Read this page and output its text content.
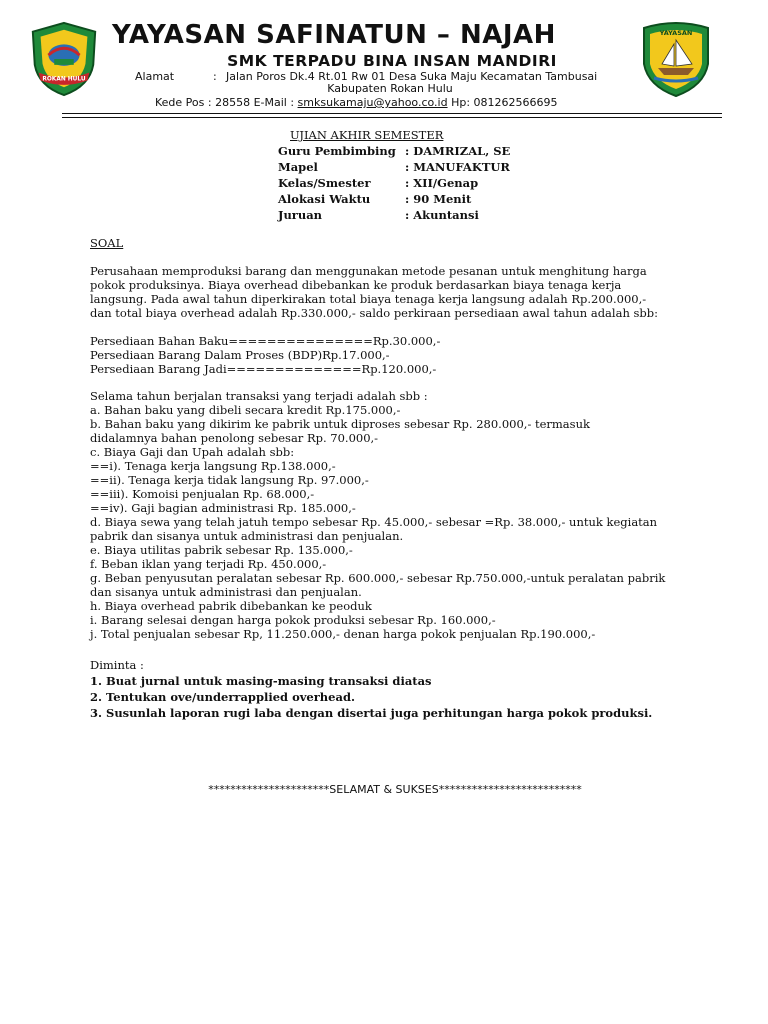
ROKAN HULU
YAYASAN
YAYASAN SAFINATUN – NAJAH
SMK TERPADU BINA INSAN MANDIRI
Alamat	: Jalan Poros Dk.4 Rt.01 Rw 01 Desa Suka Maju Kecamatan Tambusai
Kabupaten Rokan Hulu
Kede Pos : 28558 E-Mail : smksukamaju@yahoo.co.id Hp: 081262566695
UJIAN AKHIR SEMESTER
Guru Pembimbing : DAMRIZAL, SE
Mapel	: MANUFAKTUR
Kelas/Smester	: XII/Genap
Alokasi Waktu	: 90 Menit
Juruan	: Akuntansi
SOAL
Perusahaan memproduksi barang dan menggunakan metode pesanan untuk menghitung harga
pokok produksinya. Biaya overhead dibebankan ke produk berdasarkan biaya tenaga kerja
langsung. Pada awal tahun diperkirakan total biaya tenaga kerja langsung adalah Rp.200.000,-
dan total biaya overhead adalah Rp.330.000,- saldo perkiraan persediaan awal tahun adalah sbb:
Persediaan Bahan Baku===============Rp.30.000,-
Persediaan Barang Dalam Proses (BDP)Rp.17.000,-
Persediaan Barang Jadi==============Rp.120.000,-
Selama tahun berjalan transaksi yang terjadi adalah sbb :
a. Bahan baku yang dibeli secara kredit Rp.175.000,-
b. Bahan baku yang dikirim ke pabrik untuk diproses sebesar Rp. 280.000,- termasuk
didalamnya bahan penolong sebesar Rp. 70.000,-
c. Biaya Gaji dan Upah adalah sbb:
==i). Tenaga kerja langsung Rp.138.000,-
==ii). Tenaga kerja tidak langsung Rp. 97.000,-
==iii). Komoisi penjualan Rp. 68.000,-
==iv). Gaji bagian administrasi Rp. 185.000,-
d. Biaya sewa yang telah jatuh tempo sebesar Rp. 45.000,- sebesar =Rp. 38.000,- untuk kegiatan
pabrik dan sisanya untuk administrasi dan penjualan.
e. Biaya utilitas pabrik sebesar Rp. 135.000,-
f. Beban iklan yang terjadi Rp. 450.000,-
g. Beban penyusutan peralatan sebesar Rp. 600.000,- sebesar Rp.750.000,-untuk peralatan pabrik
dan sisanya untuk administrasi dan penjualan.
h. Biaya overhead pabrik dibebankan ke peoduk
i. Barang selesai dengan harga pokok produksi sebesar Rp. 160.000,-
j. Total penjualan sebesar Rp, 11.250.000,- denan harga pokok penjualan Rp.190.000,-
Diminta :
1. Buat jurnal untuk masing-masing transaksi diatas
2. Tentukan ove/underrapplied overhead.
3. Susunlah laporan rugi laba dengan disertai juga perhitungan harga pokok produksi.
**********************SELAMAT & SUKSES**************************
